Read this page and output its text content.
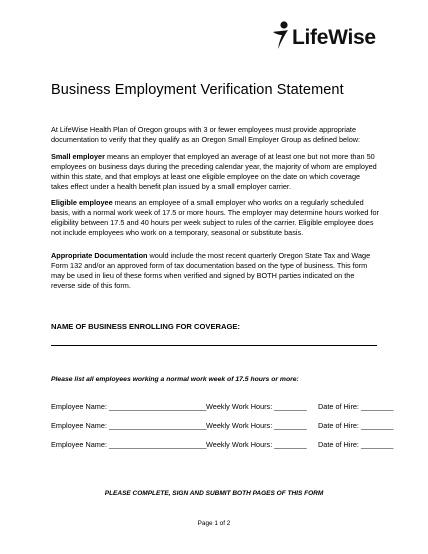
LifeWise
Business Employment Verification Statement

At LifeWise Health Plan of Oregon groups with 3 or fewer employees must provide appropriate documentation to verify that they qualify as an Oregon Small Employer Group as defined below:

Small employer means an employer that employed an average of at least one but not more than 50 employees on business days during the preceding calendar year, the majority of whom are employed within this state, and that employs at least one eligible employee on the date on which coverage takes effect under a health benefit plan issued by a small employer carrier.

Eligible employee means an employee of a small employer who works on a regularly scheduled basis, with a normal work week of 17.5 or more hours. The employer may determine hours worked for eligibility between 17.5 and 40 hours per week subject to rules of the carrier. Eligible employee does not include employees who work on a temporary, seasonal or substitute basis.

Appropriate Documentation would include the most recent quarterly Oregon State Tax and Wage Form 132 and/or an approved form of tax documentation based on the type of business. This form may be used in lieu of these forms when verified and signed by BOTH parties indicated on the reverse side of this form.

NAME OF BUSINESS ENROLLING FOR COVERAGE:
Please list all employees working a normal work week of 17.5 hours or more:
Employee Name: ________________________Weekly Work Hours: ________ Date of Hire: ________
Employee Name: ________________________Weekly Work Hours: ________ Date of Hire: ________
Employee Name: ________________________Weekly Work Hours: ________ Date of Hire: ________
PLEASE COMPLETE, SIGN AND SUBMIT BOTH PAGES OF THIS FORM
Page 1 of 2
